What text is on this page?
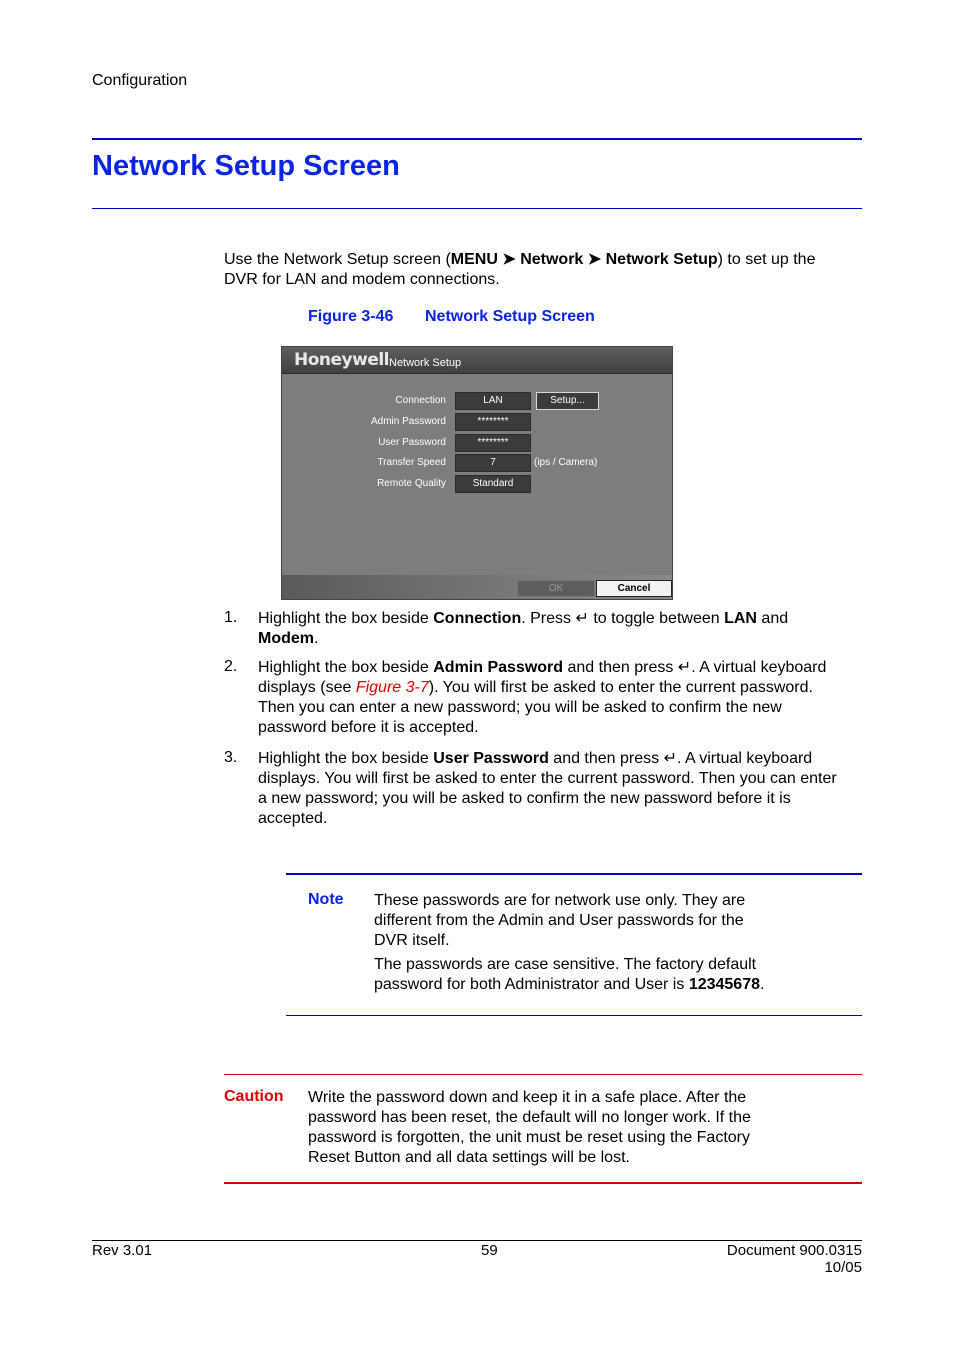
Configuration
Network Setup Screen
Use the Network Setup screen (MENU ➤ Network ➤ Network Setup) to set up the
DVR for LAN and modem connections.
Figure 3-46 Network Setup Screen
Honeywell Network Setup
Connection	LAN	Setup...
Admin Password	********
User Password	********
Transfer Speed	7	(ips / Camera)
Remote Quality	Standard
OK	Cancel
1. Highlight the box beside Connection. Press ↵ to toggle between LAN and
Modem.
2. Highlight the box beside Admin Password and then press ↵. A virtual keyboard
displays (see Figure 3-7). You will first be asked to enter the current password.
Then you can enter a new password; you will be asked to confirm the new
password before it is accepted.
3. Highlight the box beside User Password and then press ↵. A virtual keyboard
displays. You will first be asked to enter the current password. Then you can enter
a new password; you will be asked to confirm the new password before it is
accepted.
Note These passwords are for network use only. They are
different from the Admin and User passwords for the
DVR itself.
The passwords are case sensitive. The factory default
password for both Administrator and User is 12345678.
Caution Write the password down and keep it in a safe place. After the
password has been reset, the default will no longer work. If the
password is forgotten, the unit must be reset using the Factory
Reset Button and all data settings will be lost.
Rev 3.01	59	Document 900.0315
10/05
